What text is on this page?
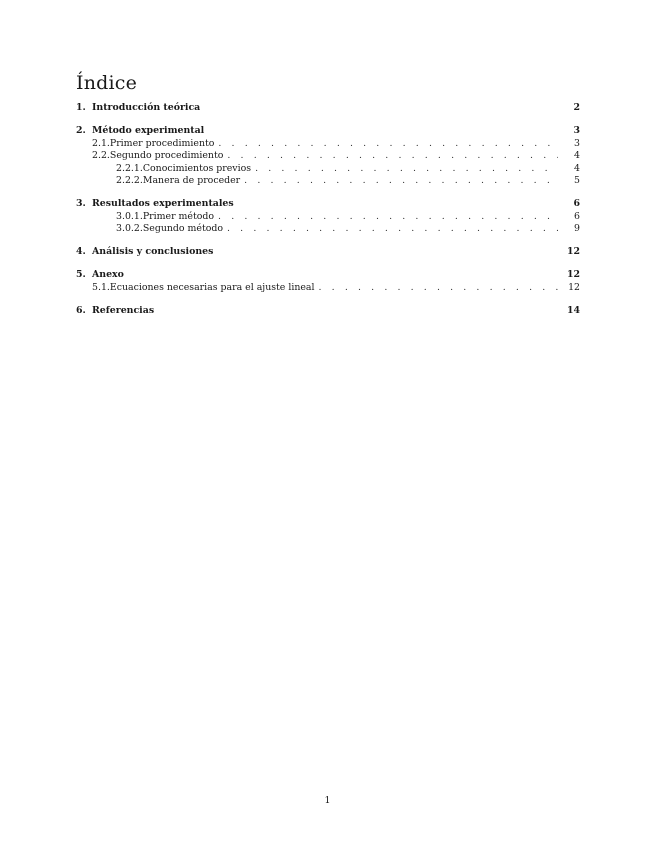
Índice
1. Introducción teórica	2
2. Método experimental	3
2.1. Primer procedimiento . . .	3
2.2. Segundo procedimiento . . .	4
2.2.1. Conocimientos previos . . .	4
2.2.2. Manera de proceder . . .	5
3. Resultados experimentales	6
3.0.1. Primer método . . .	6
3.0.2. Segundo método . . .	9
4. Análisis y conclusiones	12
5. Anexo	12
5.1. Ecuaciones necesarias para el ajuste lineal . . .	12
6. Referencias	14
1
